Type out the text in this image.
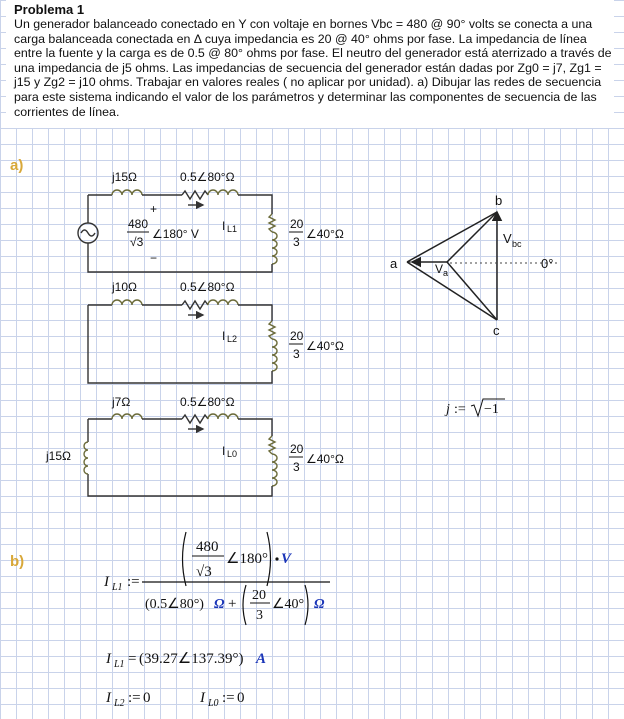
Problema 1
Un generador balanceado conectado en Y con voltaje en bornes Vbc = 480 @ 90° volts se conecta a una carga balanceada conectada en Δ cuya impedancia es 20 @ 40° ohms por fase. La impedancia de línea entre la fuente y la carga es de 0.5 @ 80° ohms por fase. El neutro del generador está aterrizado a través de una impedancia de j5 ohms. Las impedancias de secuencia del generador están dadas por Zg0 = j7, Zg1 = j15 y Zg2 = j10 ohms. Trabajar en valores reales ( no aplicar por unidad). a) Dibujar las redes de secuencia para este sistema indicando el valor de los parámetros y determinar las componentes de secuencia de las corrientes de línea.
a)
b)
j15Ω	0.5∠80°Ω
+
−
480
√3
∠180° V
I L1	20
3
∠40°Ω
j10Ω	0.5∠80°Ω
I L2	20
3
∠40°Ω
j7Ω	0.5∠80°Ω
j15Ω	I L0	20
3
∠40°Ω
a
b
c
V bc
V a
0°
j := −1
I L1 :=
480
√3
∠180° V
(0.5∠80°) Ω +
20
3
∠40° Ω
I L1 = (39.27∠137.39°) A
I L2 := 0	I L0 := 0
